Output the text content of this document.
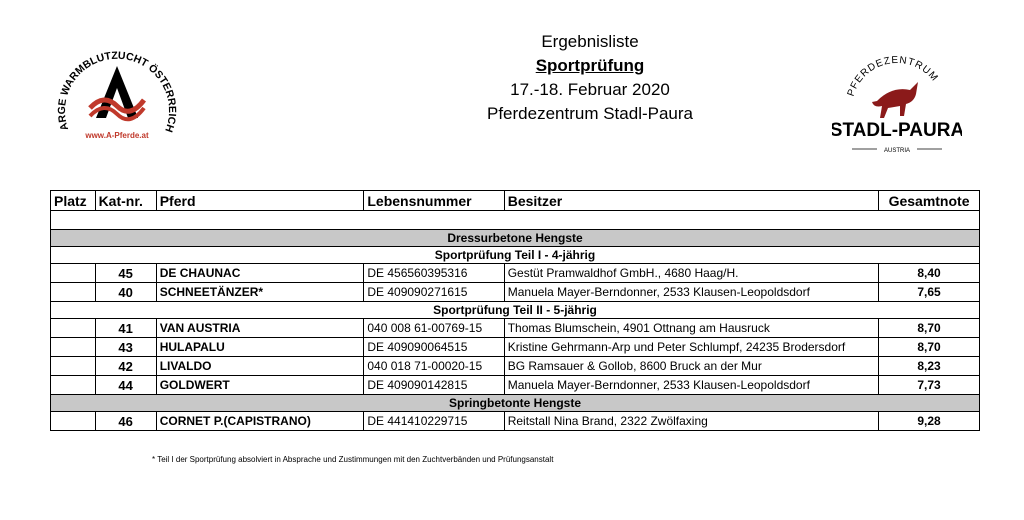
ARGE WARMBLUTZUCHT ÖSTERREICH
www.A-Pferde.at
Ergebnisliste
Sportprüfung
17.-18. Februar 2020
Pferdezentrum Stadl-Paura
PFERDEZENTRUM
STADL-PAURA
AUSTRIA
Platz	Kat-nr.	Pferd	Lebensnummer	Besitzer	Gesamtnote

Dressurbetone Hengste					
Sportprüfung Teil I - 4-jährig					
	45	DE CHAUNAC	DE 456560395316	Gestüt Pramwaldhof GmbH., 4680 Haag/H.	8,40
	40	SCHNEETÄNZER*	DE 409090271615	Manuela Mayer-Berndonner, 2533 Klausen-Leopoldsdorf	7,65
Sportprüfung Teil II - 5-jährig					
	41	VAN AUSTRIA	040 008 61-00769-15	Thomas Blumschein, 4901 Ottnang am Hausruck	8,70
	43	HULAPALU	DE 409090064515	Kristine Gehrmann-Arp und Peter Schlumpf, 24235 Brodersdorf	8,70
	42	LIVALDO	040 018 71-00020-15	BG Ramsauer & Gollob, 8600 Bruck an der Mur	8,23
	44	GOLDWERT	DE 409090142815	Manuela Mayer-Berndonner, 2533 Klausen-Leopoldsdorf	7,73
Springbetonte Hengste					
	46	CORNET P.(CAPISTRANO)	DE 441410229715	Reitstall Nina Brand, 2322 Zwölfaxing	9,28
* Teil I der Sportprüfung absolviert in Absprache und Zustimmungen mit den Zuchtverbänden und Prüfungsanstalt
